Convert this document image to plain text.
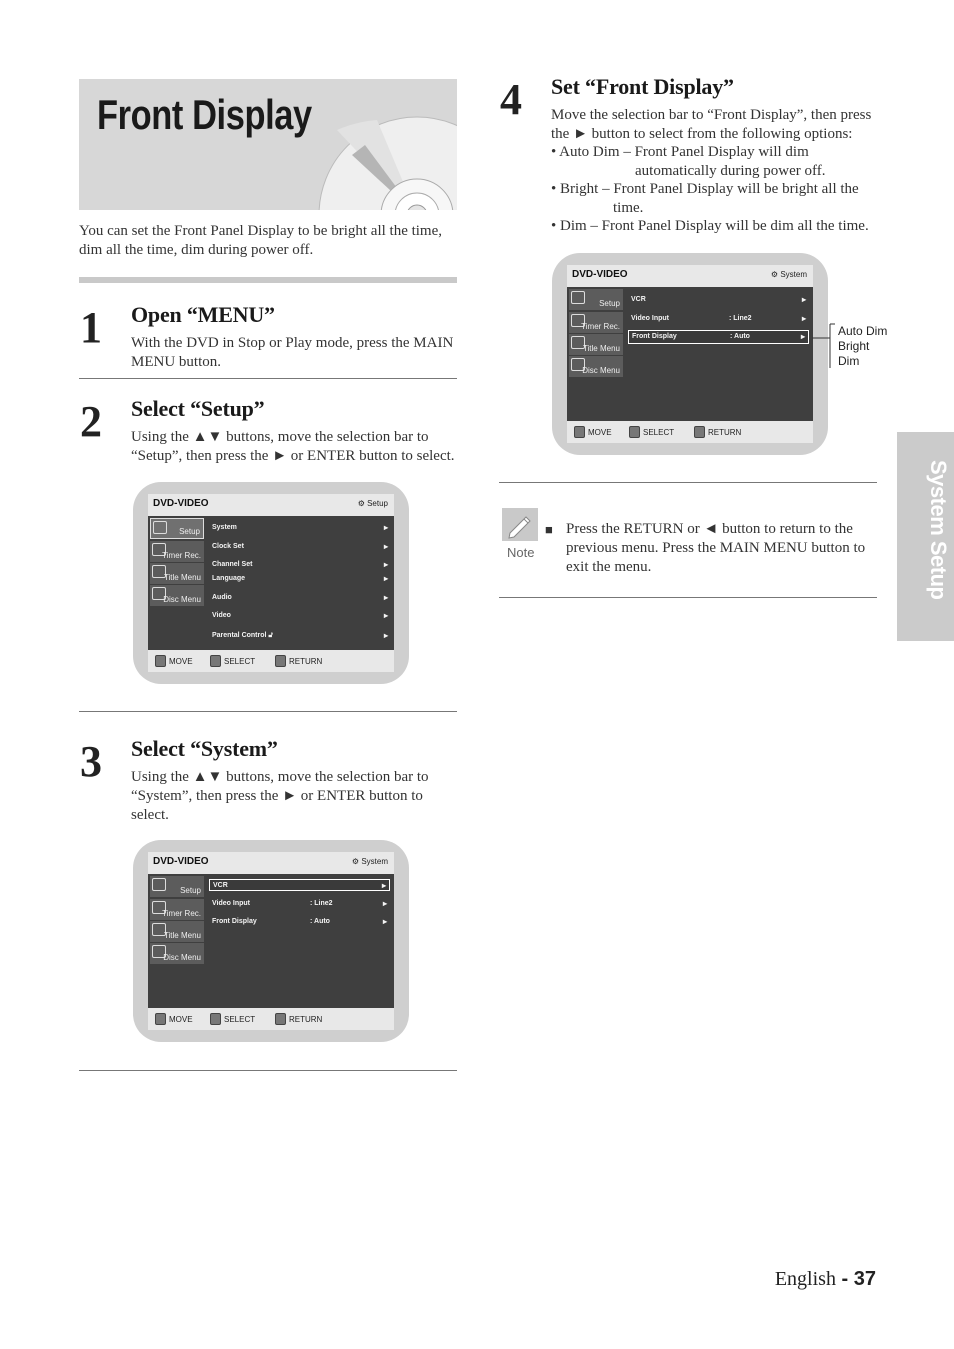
Front Display
You can set the Front Panel Display to be bright all the time, dim all the time, dim during power off.
1 Open “MENU”
With the DVD in Stop or Play mode, press the MAIN MENU button.
2 Select “Setup”
Using the ▲▼ buttons, move the selection bar to “Setup”, then press the ► or ENTER button to select.
DVD-VIDEO	⚙ Setup
Setup
Timer Rec.
Title Menu
Disc Menu
System	▸
Clock Set	▸
Channel Set	▸
Language	▸
Audio	▸
Video	▸
Parental Control 🔓︎	▸
MOVE	SELECT	RETURN
3 Select “System”
Using the ▲▼ buttons, move the selection bar to “System”, then press the ► or ENTER button to select.
DVD-VIDEO	⚙ System
Setup
Timer Rec.
Title Menu
Disc Menu
VCR	▸
Video Input	: Line2	▸
Front Display	: Auto	▸
MOVE	SELECT	RETURN
4 Set “Front Display”
Move the selection bar to “Front Display”, then press the ► button to select from the following options:
• Auto Dim – Front Panel Display will dim
automatically during power off.
• Bright – Front Panel Display will be bright all the
time.
• Dim – Front Panel Display will be dim all the time.
DVD-VIDEO	⚙ System
Setup
Timer Rec.
Title Menu
Disc Menu
VCR	▸
Video Input	: Line2	▸
Front Display	: Auto	▸
MOVE	SELECT	RETURN
Auto Dim
Bright
Dim
Note
■ Press the RETURN or ◄ button to return to the previous menu. Press the MAIN MENU button to exit the menu.	System Setup
English - 37
